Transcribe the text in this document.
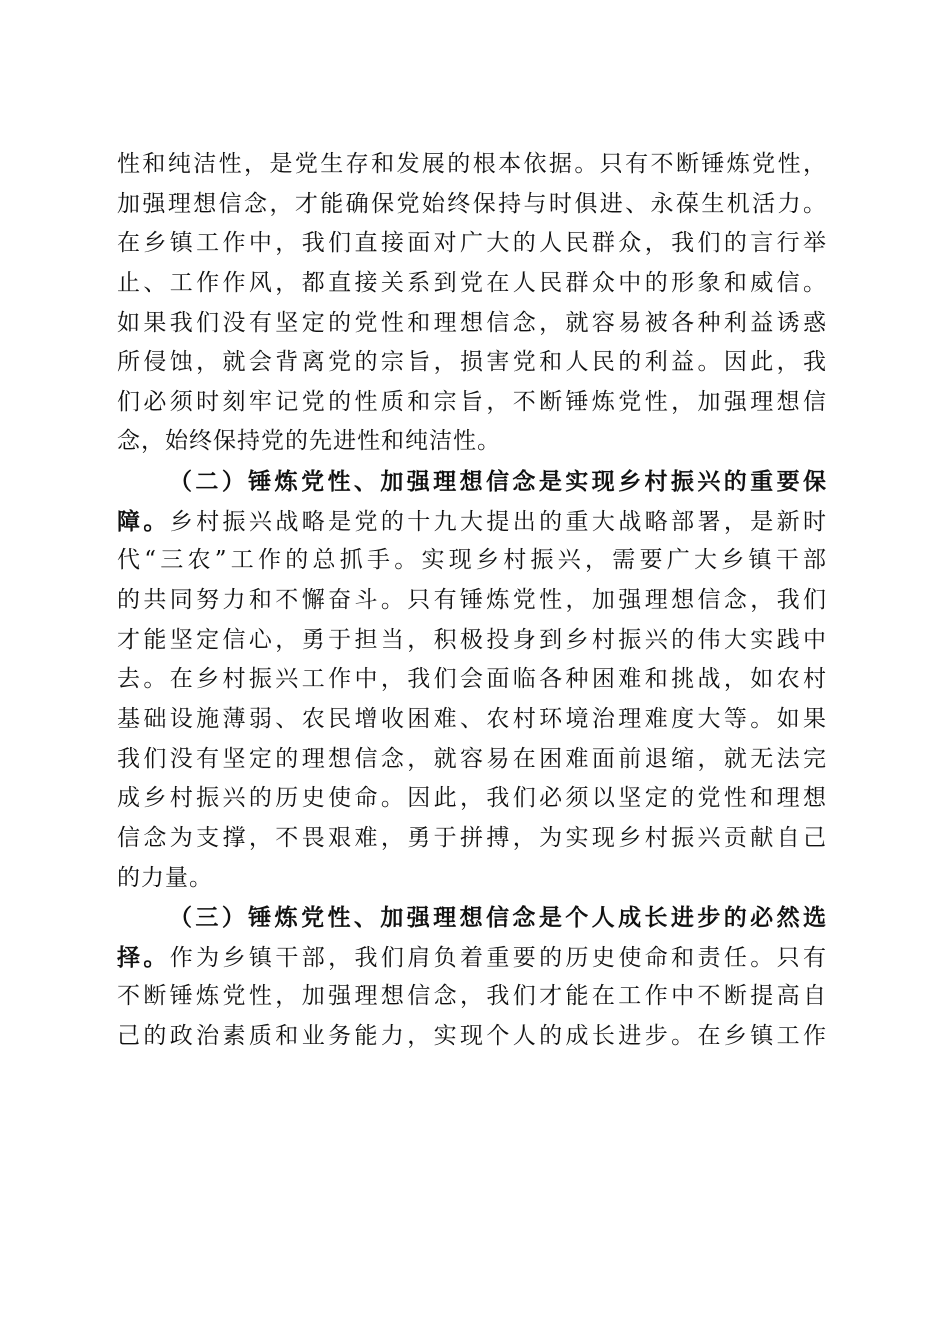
性和纯洁性，是党生存和发展的根本依据。只有不断锤炼党性，
加强理想信念，才能确保党始终保持与时俱进、永葆生机活力。
在乡镇工作中，我们直接面对广大的人民群众，我们的言行举
止、工作作风，都直接关系到党在人民群众中的形象和威信。
如果我们没有坚定的党性和理想信念，就容易被各种利益诱惑
所侵蚀，就会背离党的宗旨，损害党和人民的利益。因此，我
们必须时刻牢记党的性质和宗旨，不断锤炼党性，加强理想信
念，始终保持党的先进性和纯洁性。
（二）锤炼党性、加强理想信念是实现乡村振兴的重要保
障。乡村振兴战略是党的十九大提出的重大战略部署，是新时
代“三农”工作的总抓手。实现乡村振兴，需要广大乡镇干部
的共同努力和不懈奋斗。只有锤炼党性，加强理想信念，我们
才能坚定信心，勇于担当，积极投身到乡村振兴的伟大实践中
去。在乡村振兴工作中，我们会面临各种困难和挑战，如农村
基础设施薄弱、农民增收困难、农村环境治理难度大等。如果
我们没有坚定的理想信念，就容易在困难面前退缩，就无法完
成乡村振兴的历史使命。因此，我们必须以坚定的党性和理想
信念为支撑，不畏艰难，勇于拼搏，为实现乡村振兴贡献自己
的力量。
（三）锤炼党性、加强理想信念是个人成长进步的必然选
择。作为乡镇干部，我们肩负着重要的历史使命和责任。只有
不断锤炼党性，加强理想信念，我们才能在工作中不断提高自
己的政治素质和业务能力，实现个人的成长进步。在乡镇工作
